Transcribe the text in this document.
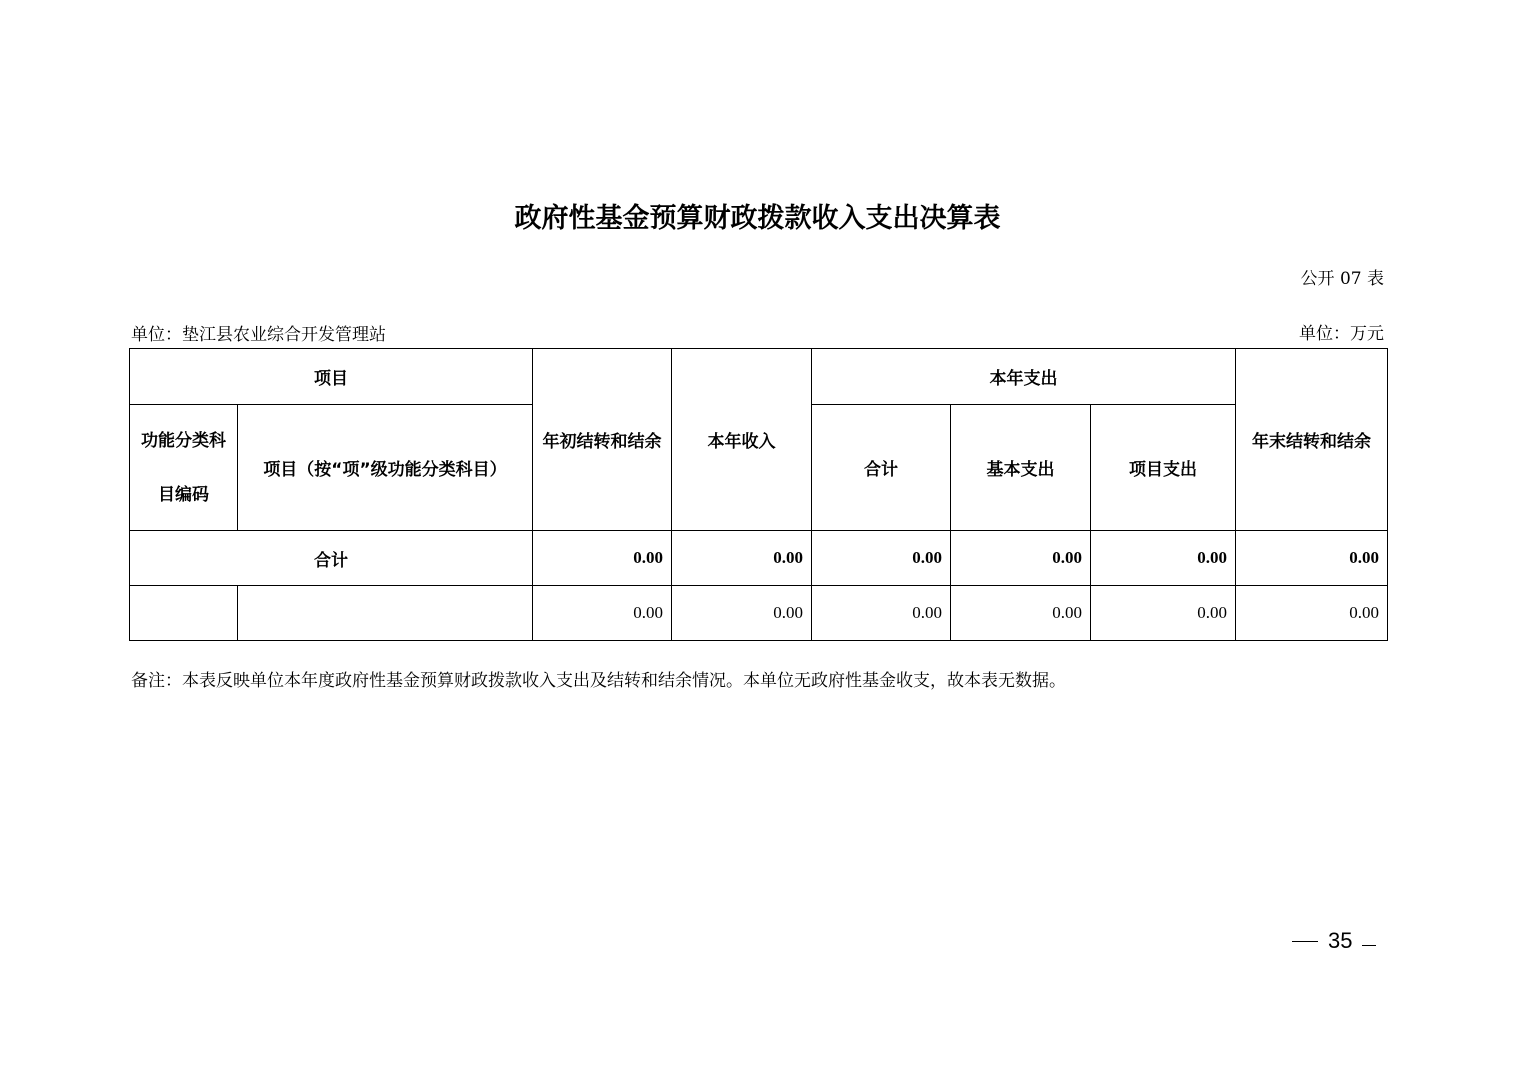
政府性基金预算财政拨款收入支出决算表
公开 07 表
单位：垫江县农业综合开发管理站	单位：万元
项目		年初结转和结余	本年收入	本年支出			年末结转和结余

功能分类科
目编码	项目（按“项”级功能分类科目）			合计	基本支出	项目支出	
合计		0.00	0.00	0.00	0.00	0.00	0.00
		0.00	0.00	0.00	0.00	0.00	0.00
备注：本表反映单位本年度政府性基金预算财政拨款收入支出及结转和结余情况。本单位无政府性基金收支，故本表无数据。
35
